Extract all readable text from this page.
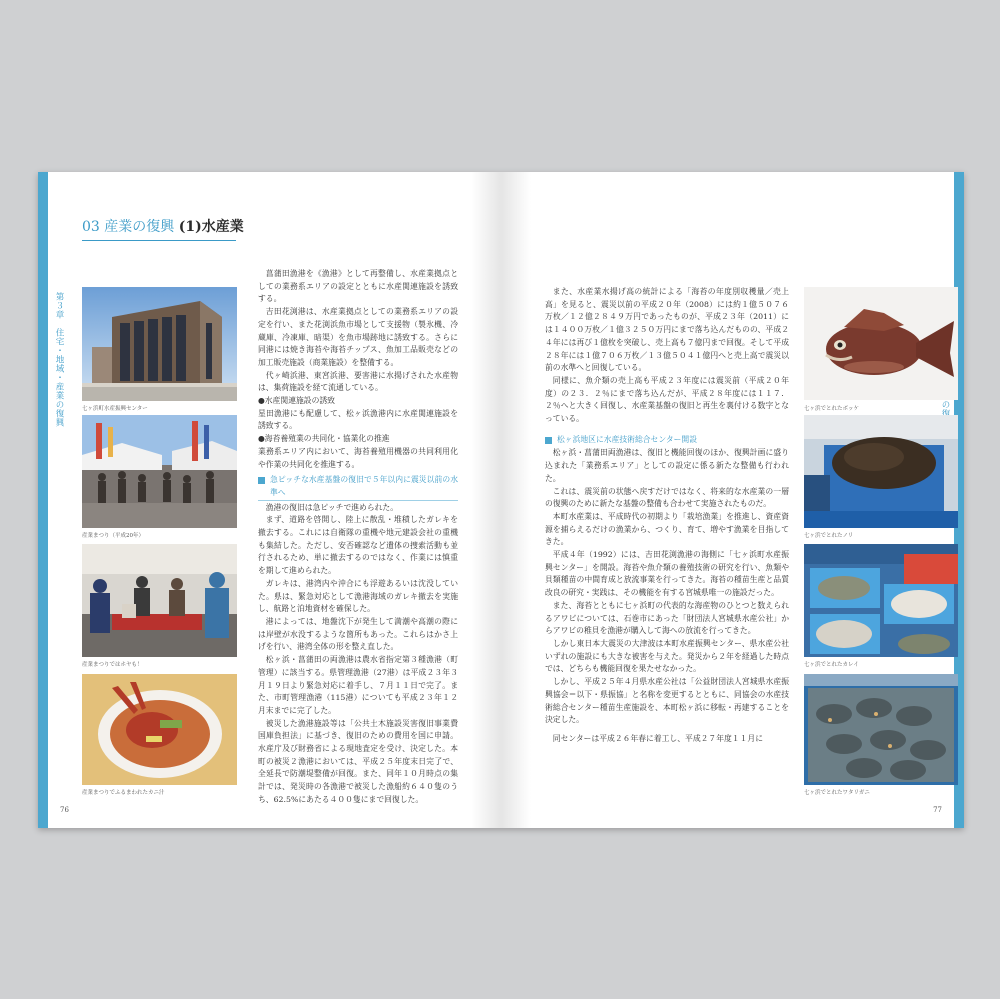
03 産業の復興 (1)水産業
第３章　住宅・地域・産業の復興	七ヶ浜町水産振興センター
産業まつり（平成20年）
産業まつりではホヤも！
産業まつりでふるまわれたカニ汁

菖蒲田漁港を《漁港》として再整備し、水産業拠点としての業務系エリアの設定とともに水産関連施設を誘致する。

吉田花渕港は、水産業拠点としての業務系エリアの設定を行い、また花渕浜魚市場として支援物（製氷機、冷蔵庫、冷凍庫、暗渠）を魚市場跡地に誘致する。さらに同港には焼き海苔や海苔チップス、魚加工品販売などの加工販売施設（商業施設）を整備する。

代ヶ崎浜港、東宮浜港、要害港に水揚げされた水産物は、集荷施設を経て流通している。

●水産関連施設の誘致

星田漁港にも配慮して、松ヶ浜漁港内に水産関連施設を誘致する。

●海苔養殖業の共同化・協業化の推進

業務系エリア内において、海苔養殖用機器の共同利用化や作業の共同化を推進する。

急ピッチな水産基盤の復旧で５年以内に震災以前の水準へ

漁港の復旧は急ピッチで進められた。

まず、道路を啓開し、陸上に散乱・堆積したガレキを撤去する。これには自衛隊の重機や地元建設会社の重機も集結した。ただし、安否確認など遺体の捜索活動も並行されるため、単に撤去するのではなく、作業には慎重を期して進められた。

ガレキは、港湾内や沖合にも浮遊あるいは沈没していた。県は、緊急対応として漁港海域のガレキ撤去を実施し、航路と泊地資材を確保した。

港によっては、地盤沈下が発生して満潮や高潮の際には岸壁が水没するような箇所もあった。これらはかさ上げを行い、港湾全体の形を整え直した。

松ヶ浜・菖蒲田の両漁港は農水省指定第３種漁港（町管理）に該当する。県管理漁港（27港）は平成２３年３月１９日より緊急対応に着手し、７月１１日で完了。また、市町管理漁港（115港）についても平成２３年１２月末までに完了した。

被災した漁港施設等は「公共土木施設災害復旧事業費国庫負担法」に基づき、復旧のための費用を国に申請。水産庁及び財務省による現地査定を受け、決定した。本町の被災２漁港においては、平成２５年度末日完了で、全延長で防潮堤整備が回復。また、同年１０月時点の集計では、発災時の各漁港で被災した漁船約６４０隻のうち、62.5%にあたる４００隻にまで回復した。

76

また、水産業水揚げ高の統計による「海苔の年度別収穫量／売上高」を見ると、震災以前の平成２０年（2008）には約１億５０７６万枚／１２億２８４９万円であったものが、平成２３年（2011）には１４００万枚／１億３２５０万円にまで落ち込んだものの、平成２４年には再び１億枚を突破し、売上高も７億円まで回復。そして平成２８年には１億７０６万枚／１３億５０４１億円へと売上高で震災以前の水準へと回復している。

同様に、魚介類の売上高も平成２３年度には震災前（平成２０年度）の２３．２％にまで落ち込んだが、平成２８年度には１１７．２％へと大きく回復し、水産業基盤の復旧と再生を裏付ける数字となっている。

松ヶ浜地区に水産技術総合センター開設

松ヶ浜・菖蒲田両漁港は、復旧と機能回復のほか、復興計画に盛り込まれた「業務系エリア」としての設定に係る新たな整備も行われた。

これは、震災前の状態へ戻すだけではなく、将来的な水産業の一層の復興のために新たな基盤の整備も合わせて実施されたものだ。

本町水産業は、平成時代の初期より「栽培漁業」を推進し、資産資源を捕らえるだけの漁業から、つくり、育て、増やす漁業を目指してきた。

平成４年（1992）には、吉田花渕漁港の海側に「七ヶ浜町水産振興センター」を開設。海苔や魚介類の養殖技術の研究を行い、魚類や貝類種苗の中間育成と放流事業を行ってきた。海苔の種苗生産と品質改良の研究・実践は、その機能を有する宮城県唯一の施設だった。

また、海苔とともに七ヶ浜町の代表的な海産物のひとつと数えられるアワビについては、石巻市にあった「財団法人宮城県水産公社」からアワビの稚貝を漁港が購入して海への放流を行ってきた。

しかし東日本大震災の大津波は本町水産振興センター、県水産公社いずれの施設にも大きな被害を与えた。発災から２年を経過した時点では、どちらも機能回復を果たせなかった。

しかし、平成２５年４月県水産公社は「公益財団法人宮城県水産振興協会＝以下・県振協」と名称を変更するとともに、同協会の水産技術総合センター種苗生産施設を、本町松ヶ浜に移転・再建することを決定した。

同センターは平成２６年春に着工し、平成２７年度１１月に

七ヶ浜でとれたボッケ
七ヶ浜でとれたノリ
七ヶ浜でとれたカレイ
七ヶ浜でとれたワタリガニ
77
